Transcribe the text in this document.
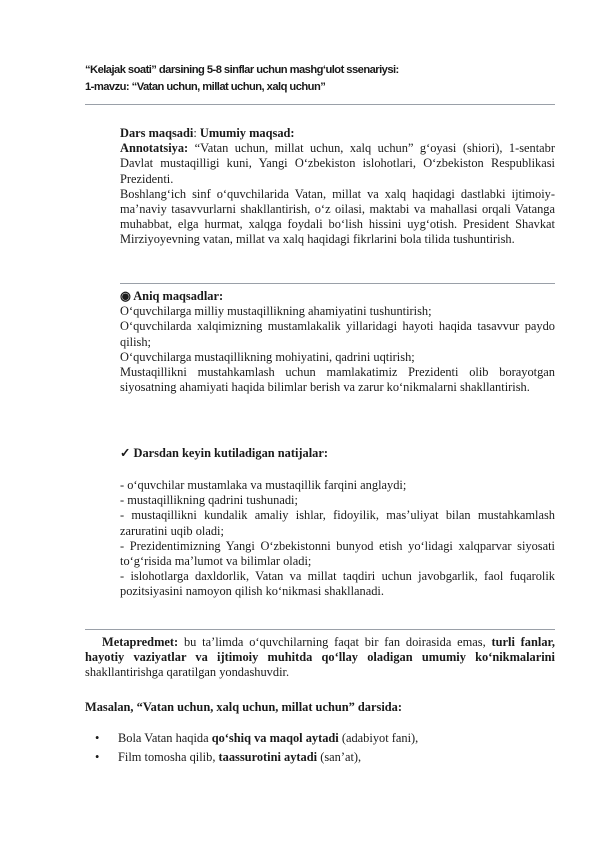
“Kelajak soati” darsining 5-8 sinflar uchun mashg‘ulot ssenariysi:
1-mavzu: “Vatan uchun, millat uchun, xalq uchun”
Dars maqsadi: Umumiy maqsad:
Annotatsiya: “Vatan uchun, millat uchun, xalq uchun” g‘oyasi (shiori), 1-sentabr Davlat mustaqilligi kuni, Yangi O‘zbekiston islohotlari, O‘zbekiston Respublikasi Prezidenti.
Boshlang‘ich sinf o‘quvchilarida Vatan, millat va xalq haqidagi dastlabki ijtimoiy-ma’naviy tasavvurlarni shakllantirish, o‘z oilasi, maktabi va mahallasi orqali Vatanga muhabbat, elga hurmat, xalqga foydali bo‘lish hissini uyg‘otish. President Shavkat Mirziyoyevning vatan, millat va xalq haqidagi fikrlarini bola tilida tushuntirish.
◉ Aniq maqsadlar:
O‘quvchilarga milliy mustaqillikning ahamiyatini tushuntirish;
O‘quvchilarda xalqimizning mustamlakalik yillaridagi hayoti haqida tasavvur paydo qilish;
O‘quvchilarga mustaqillikning mohiyatini, qadrini uqtirish;
Mustaqillikni mustahkamlash uchun mamlakatimiz Prezidenti olib borayotgan siyosatning ahamiyati haqida bilimlar berish va zarur ko‘nikmalarni shakllantirish.
✓ Darsdan keyin kutiladigan natijalar:
- o‘quvchilar mustamlaka va mustaqillik farqini anglaydi;
- mustaqillikning qadrini tushunadi;
- mustaqillikni kundalik amaliy ishlar, fidoyilik, mas’uliyat bilan mustahkamlash zaruratini uqib oladi;
- Prezidentimizning Yangi O‘zbekistonni bunyod etish yo‘lidagi xalqparvar siyosati to‘g‘risida ma’lumot va bilimlar oladi;
- islohotlarga daxldorlik, Vatan va millat taqdiri uchun javobgarlik, faol fuqarolik pozitsiyasini namoyon qilish ko‘nikmasi shakllanadi.
Metapredmet: bu ta’limda o‘quvchilarning faqat bir fan doirasida emas, turli fanlar, hayotiy vaziyatlar va ijtimoiy muhitda qo‘llay oladigan umumiy ko‘nikmalarini shakllantirishga qaratilgan yondashuvdir.
Masalan, “Vatan uchun, xalq uchun, millat uchun” darsida:
•	Bola Vatan haqida qo‘shiq va maqol aytadi (adabiyot fani),
•	Film tomosha qilib, taassurotini aytadi (san’at),
